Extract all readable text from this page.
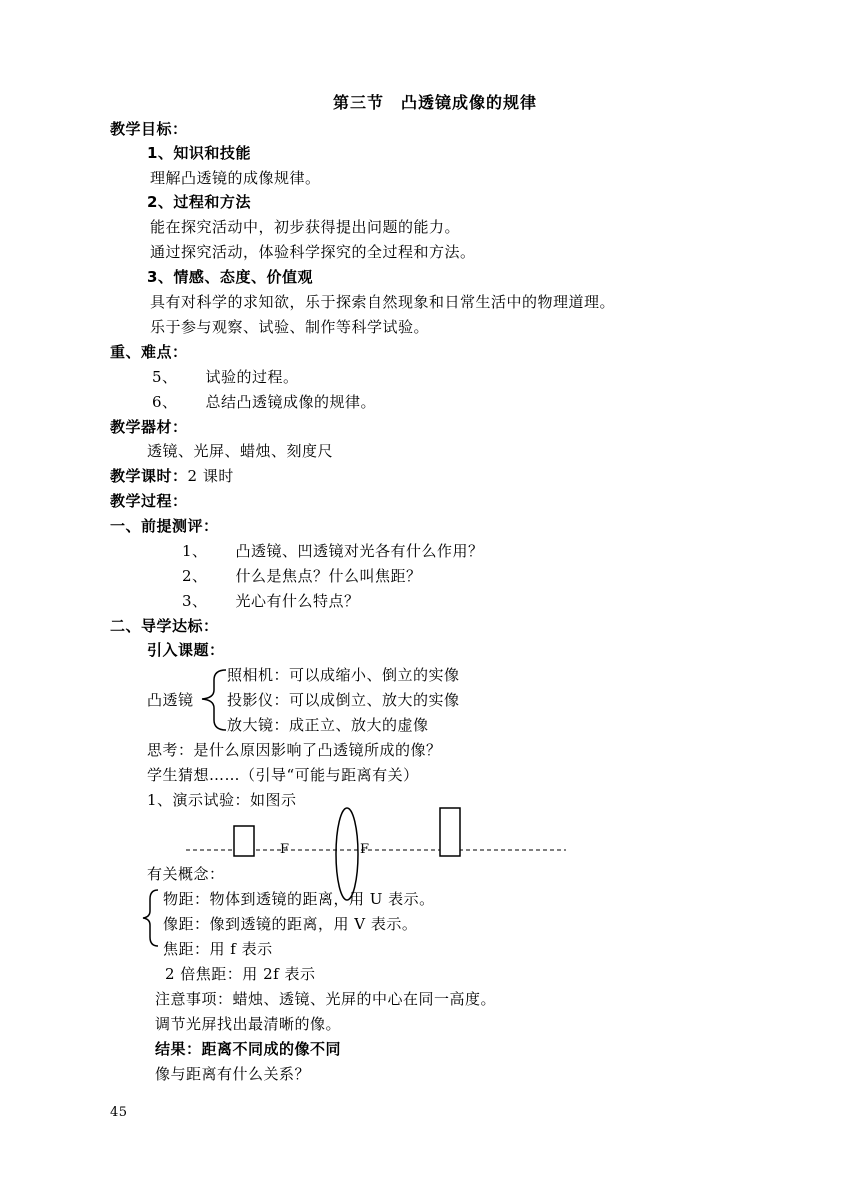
第三节　凸透镜成像的规律
教学目标：
1、知识和技能
理解凸透镜的成像规律。
2、过程和方法
能在探究活动中，初步获得提出问题的能力。
通过探究活动，体验科学探究的全过程和方法。
3、情感、态度、价值观
具有对科学的求知欲，乐于探索自然现象和日常生活中的物理道理。
乐于参与观察、试验、制作等科学试验。
重、难点：
5、 试验的过程。
6、 总结凸透镜成像的规律。
教学器材：
透镜、光屏、蜡烛、刻度尺
教学课时：2 课时
教学过程：
一、前提测评：
1、 凸透镜、凹透镜对光各有什么作用？
2、 什么是焦点？什么叫焦距？
3、 光心有什么特点？
二、导学达标：
引入课题：
凸透镜
照相机：可以成缩小、倒立的实像
投影仪：可以成倒立、放大的实像
放大镜：成正立、放大的虚像
思考：是什么原因影响了凸透镜所成的像？
学生猜想……（引导“可能与距离有关）
1、演示试验：如图示
F	F
有关概念：
物距：物体到透镜的距离，用 U 表示。
像距：像到透镜的距离，用 V 表示。
焦距：用 f 表示
2 倍焦距：用 2f 表示
注意事项：蜡烛、透镜、光屏的中心在同一高度。
调节光屏找出最清晰的像。
结果：距离不同成的像不同
像与距离有什么关系？
45
